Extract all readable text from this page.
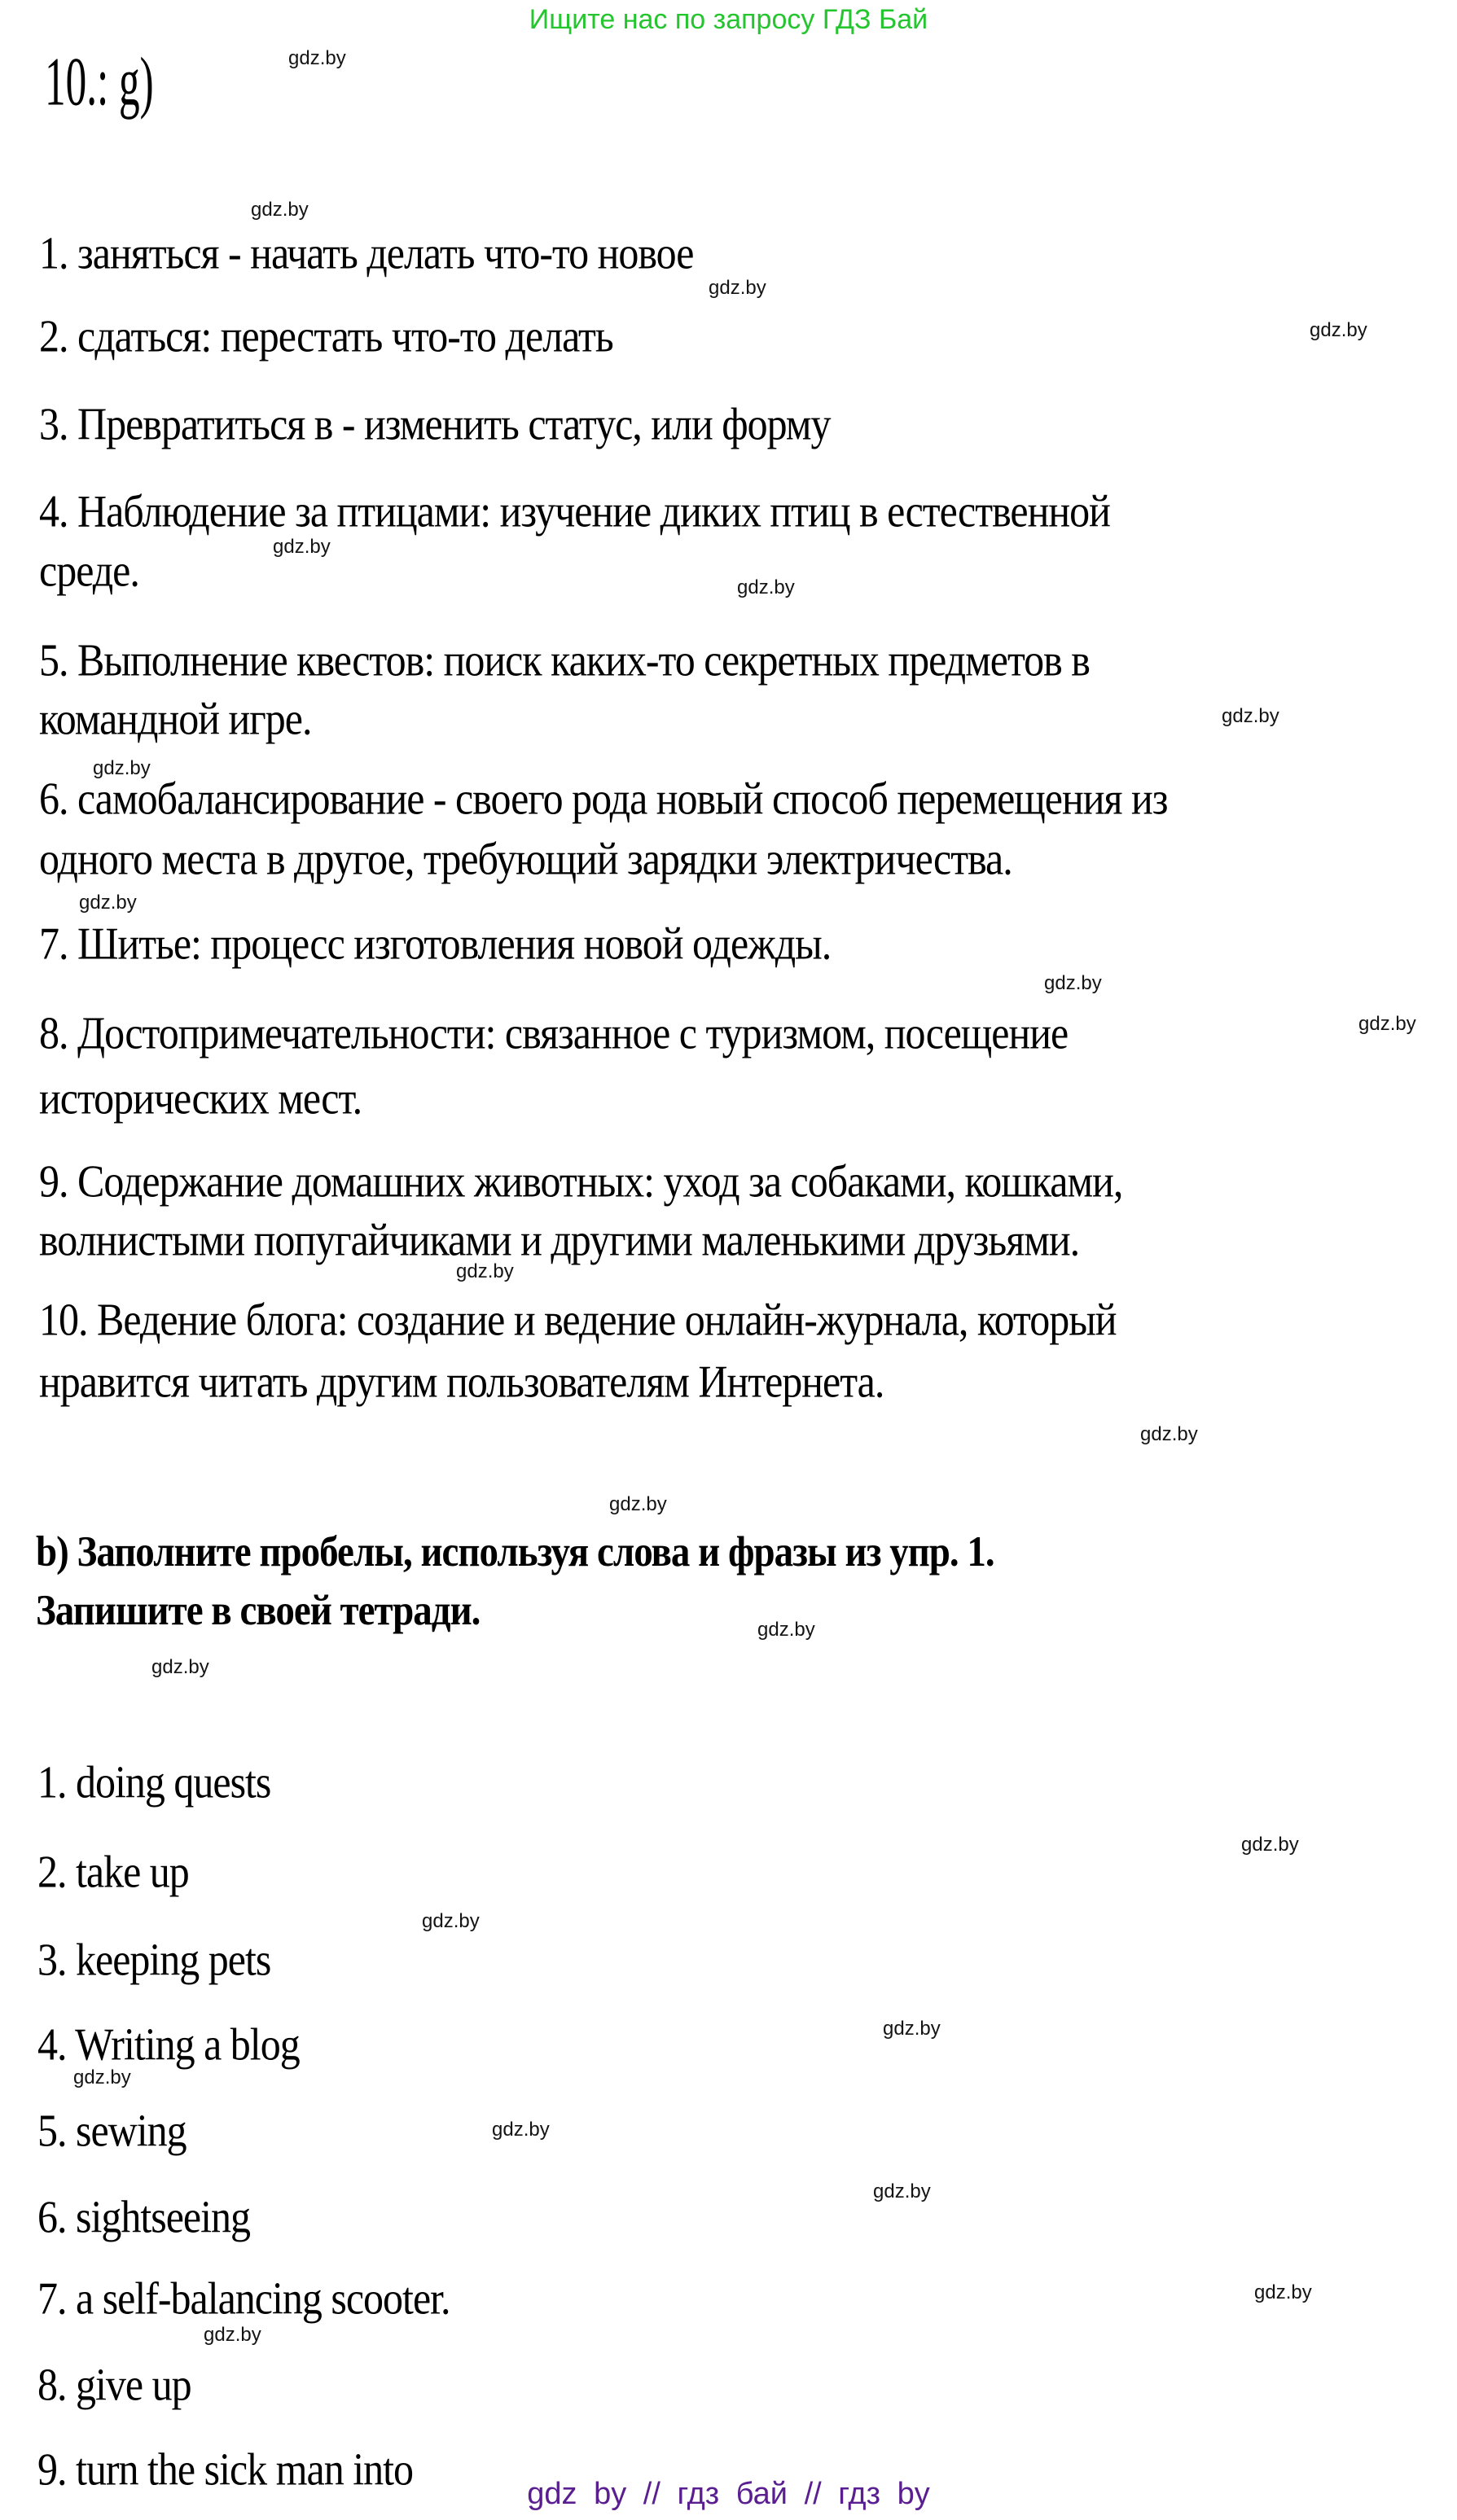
Ищите нас по запросу ГДЗ Бай
10.: g)
1. заняться - начать делать что-то новое
2. сдаться: перестать что-то делать
3. Превратиться в - изменить статус, или форму
4. Наблюдение за птицами: изучение диких птиц в естественной
среде.
5. Выполнение квестов: поиск каких-то секретных предметов в
командной игре.
6. самобалансирование - своего рода новый способ перемещения из
одного места в другое, требующий зарядки электричества.
7. Шитье: процесс изготовления новой одежды.
8. Достопримечательности: связанное с туризмом, посещение
исторических мест.
9. Содержание домашних животных: уход за собаками, кошками,
волнистыми попугайчиками и другими маленькими друзьями.
10. Ведение блога: создание и ведение онлайн-журнала, который
нравится читать другим пользователям Интернета.
b) Заполните пробелы, используя слова и фразы из упр. 1.
Запишите в своей тетради.
1. doing quests
2. take up
3. keeping pets
4. Writing a blog
5. sewing
6. sightseeing
7. a self-balancing scooter.
8. give up
9. turn the sick man into
gdz.by
gdz.by
gdz.by
gdz.by
gdz.by
gdz.by
gdz.by
gdz.by
gdz.by
gdz.by
gdz.by
gdz.by
gdz.by
gdz.by
gdz.by
gdz.by
gdz.by
gdz.by
gdz.by
gdz.by
gdz.by
gdz.by
gdz.by
gdz.by
gdz by // гдз бай // гдз by
